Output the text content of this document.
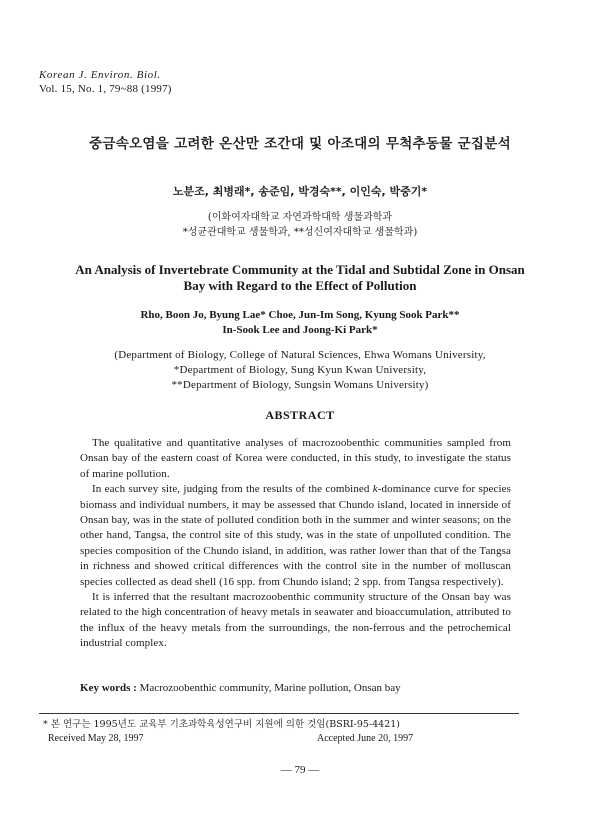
Korean J. Environ. Biol.
Vol. 15, No. 1, 79~88 (1997)
중금속오염을 고려한 온산만 조간대 및 아조대의 무척추동물 군집분석
노분조, 최병래*, 송준임, 박경숙**, 이인숙, 박중기*
(이화여자대학교 자연과학대학 생물과학과
*성균관대학교 생물학과, **성신여자대학교 생물학과)
An Analysis of Invertebrate Community at the Tidal and Subtidal Zone in Onsan
Bay with Regard to the Effect of Pollution
Rho, Boon Jo, Byung Lae* Choe, Jun-Im Song, Kyung Sook Park**
In-Sook Lee and Joong-Ki Park*
(Department of Biology, College of Natural Sciences, Ehwa Womans University,
*Department of Biology, Sung Kyun Kwan University,
**Department of Biology, Sungsin Womans University)
ABSTRACT

The qualitative and quantitative analyses of macrozoobenthic communities sampled from Onsan bay of the eastern coast of Korea were conducted, in this study, to investigate the status of marine pollution.

In each survey site, judging from the results of the combined k-dominance curve for species biomass and individual numbers, it may be assessed that Chundo island, located in innerside of Onsan bay, was in the state of polluted condition both in the summer and winter seasons; on the other hand, Tangsa, the control site of this study, was in the state of unpolluted condition. The species composition of the Chundo island, in addition, was rather lower than that of the Tangsa in richness and showed critical differences with the control site in the number of molluscan species collected as dead shell (16 spp. from Chundo island; 2 spp. from Tangsa respectively).

It is inferred that the resultant macrozoobenthic community structure of the Onsan bay was related to the high concentration of heavy metals in seawater and bioaccumulation, attributed to the influx of the heavy metals from the surroundings, the non-ferrous and the petrochemical industrial complex.

Key words : Macrozoobenthic community, Marine pollution, Onsan bay
* 본 연구는 1995년도 교육부 기초과학육성연구비 지원에 의한 것임(BSRI-95-4421)
Received May 28, 1997	Accepted June 20, 1997
— 79 —
